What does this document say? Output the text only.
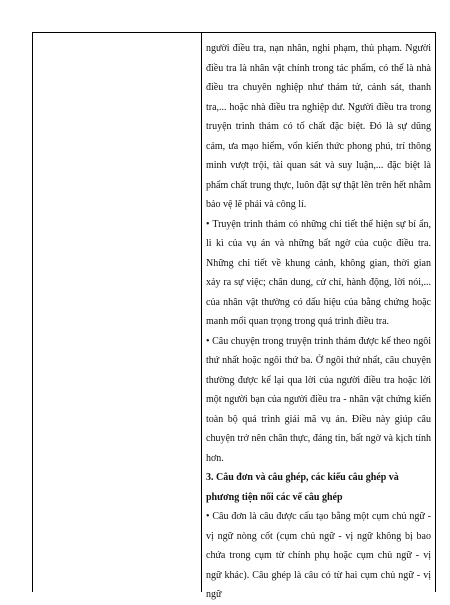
người điều tra, nạn nhân, nghi phạm, thủ phạm. Người điều tra là nhân vật chính trong tác phẩm, có thể là nhà điều tra chuyên nghiệp như thám tử, cảnh sát, thanh tra,... hoặc nhà điều tra nghiệp dư. Người điều tra trong truyện trinh thám có tố chất đặc biệt. Đó là sự dũng cảm, ưa mạo hiểm, vốn kiến thức phong phú, trí thông minh vượt trội, tài quan sát và suy luận,... đặc biệt là phẩm chất trung thực, luôn đặt sự thật lên trên hết nhằm bảo vệ lẽ phải và công lí.

• Truyện trinh thám có những chi tiết thể hiện sự bí ẩn, li kì của vụ án và những bất ngờ của cuộc điều tra. Những chi tiết về khung cảnh, không gian, thời gian xảy ra sự việc; chân dung, cử chỉ, hành động, lời nói,... của nhân vật thường có dấu hiệu của bằng chứng hoặc manh mối quan trọng trong quá trình điều tra.

• Câu chuyện trong truyện trinh thám được kể theo ngôi thứ nhất hoặc ngôi thứ ba. Ở ngôi thứ nhất, câu chuyện thường được kể lại qua lời của người điều tra hoặc lời một người bạn của người điều tra - nhân vật chứng kiến toàn bộ quá trình giải mã vụ án. Điều này giúp câu chuyện trở nên chân thực, đáng tin, bất ngờ và kịch tính hơn.

3. Câu đơn và câu ghép, các kiểu câu ghép và phương tiện nối các vế câu ghép

• Câu đơn là câu được cấu tạo bằng một cụm chủ ngữ - vị ngữ nòng cốt (cụm chủ ngữ - vị ngữ không bị bao chứa trong cụm từ chính phụ hoặc cụm chủ ngữ - vị ngữ khác). Câu ghép là câu có từ hai cụm chủ ngữ - vị ngữ
